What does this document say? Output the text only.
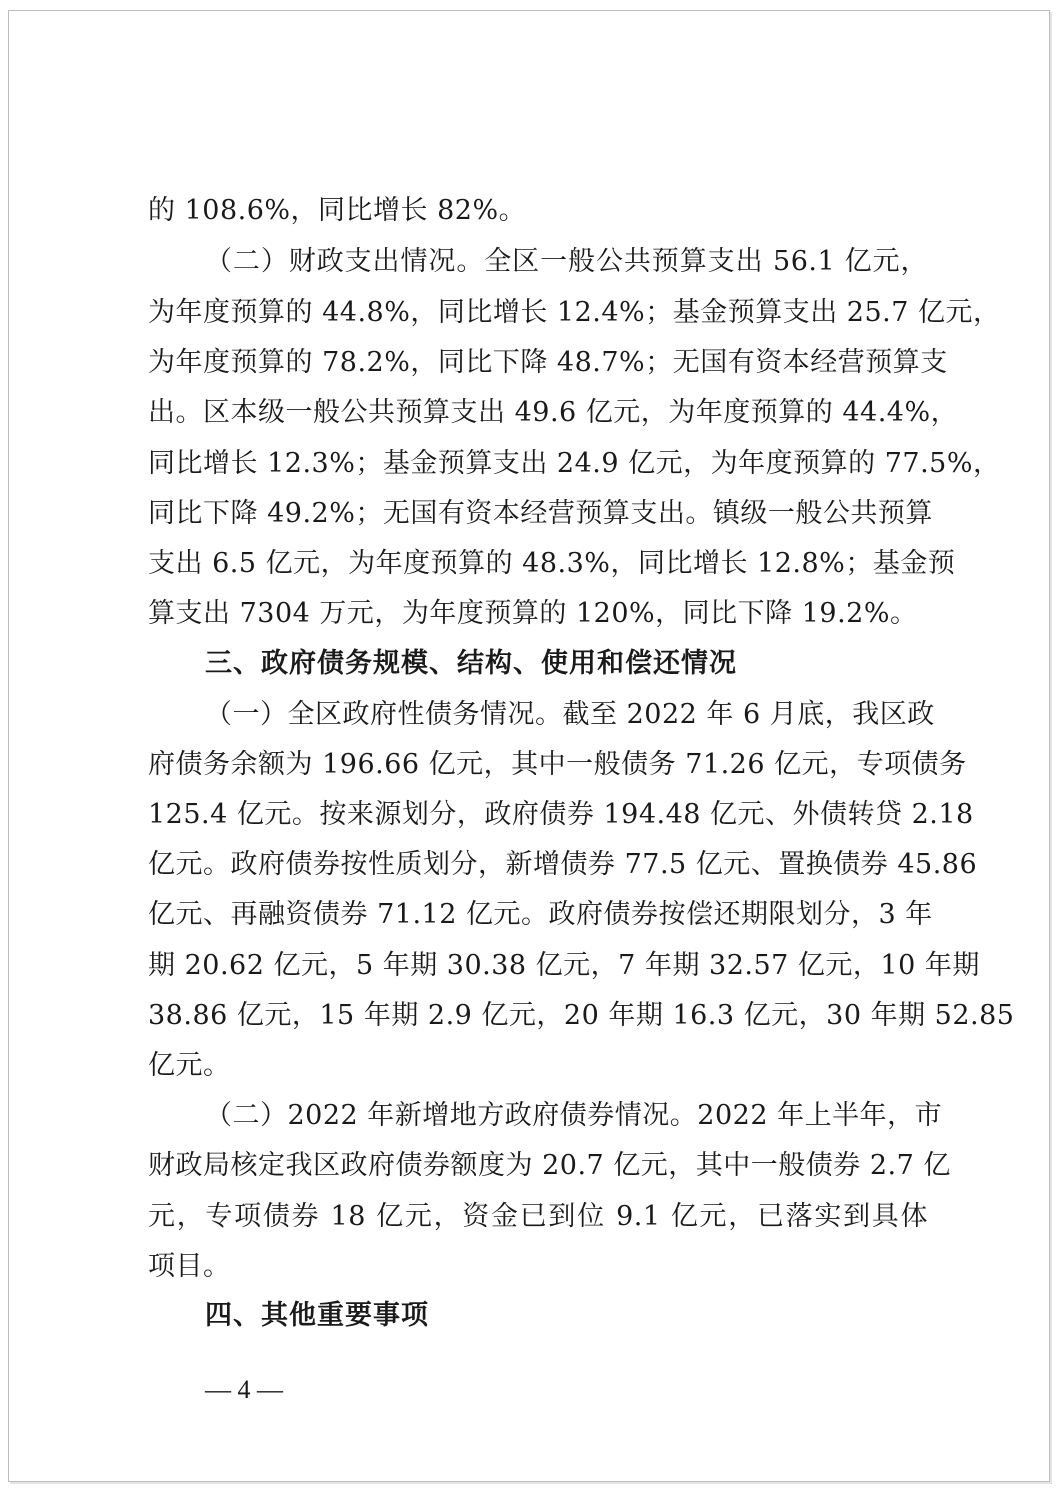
的 108.6%，同比增长 82%。
（二）财政支出情况。全区一般公共预算支出 56.1 亿元，
为年度预算的 44.8%，同比增长 12.4%；基金预算支出 25.7 亿元，
为年度预算的 78.2%，同比下降 48.7%；无国有资本经营预算支
出。区本级一般公共预算支出 49.6 亿元，为年度预算的 44.4%，
同比增长 12.3%；基金预算支出 24.9 亿元，为年度预算的 77.5%，
同比下降 49.2%；无国有资本经营预算支出。镇级一般公共预算
支出 6.5 亿元，为年度预算的 48.3%，同比增长 12.8%；基金预
算支出 7304 万元，为年度预算的 120%，同比下降 19.2%。
三、政府债务规模、结构、使用和偿还情况
（一）全区政府性债务情况。截至 2022 年 6 月底，我区政
府债务余额为 196.66 亿元，其中一般债务 71.26 亿元，专项债务
125.4 亿元。按来源划分，政府债券 194.48 亿元、外债转贷 2.18
亿元。政府债券按性质划分，新增债券 77.5 亿元、置换债券 45.86
亿元、再融资债券 71.12 亿元。政府债券按偿还期限划分，3 年
期 20.62 亿元，5 年期 30.38 亿元，7 年期 32.57 亿元，10 年期
38.86 亿元，15 年期 2.9 亿元，20 年期 16.3 亿元，30 年期 52.85
亿元。
（二）2022 年新增地方政府债券情况。2022 年上半年，市
财政局核定我区政府债券额度为 20.7 亿元，其中一般债券 2.7 亿
元，专项债券 18 亿元，资金已到位 9.1 亿元，已落实到具体
项目。
四、其他重要事项
— 4 —
